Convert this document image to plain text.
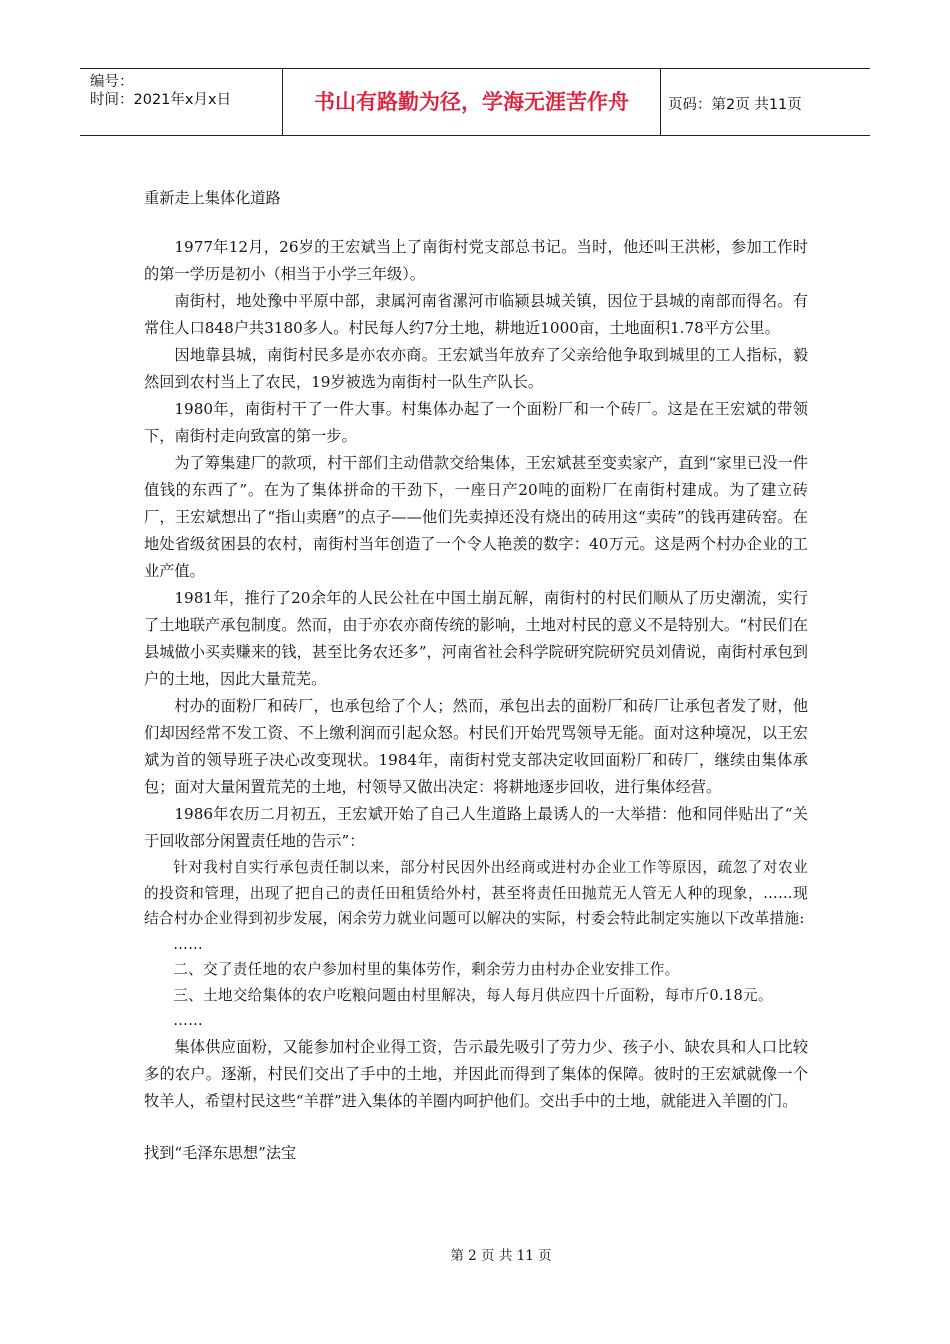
编号：
时间：2021年x月x日	书山有路勤为径，学海无涯苦作舟	页码：第2页 共11页

重新走上集体化道路

1977年12月，26岁的王宏斌当上了南街村党支部总书记。当时，他还叫王洪彬，参加工作时的第一学历是初小（相当于小学三年级）。

南街村，地处豫中平原中部，隶属河南省漯河市临颍县城关镇，因位于县城的南部而得名。有常住人口848户共3180多人。村民每人约7分土地，耕地近1000亩，土地面积1.78平方公里。

因地靠县城，南街村民多是亦农亦商。王宏斌当年放弃了父亲给他争取到城里的工人指标，毅然回到农村当上了农民，19岁被选为南街村一队生产队长。

1980年，南街村干了一件大事。村集体办起了一个面粉厂和一个砖厂。这是在王宏斌的带领下，南街村走向致富的第一步。

为了筹集建厂的款项，村干部们主动借款交给集体，王宏斌甚至变卖家产，直到“家里已没一件值钱的东西了”。在为了集体拼命的干劲下，一座日产20吨的面粉厂在南街村建成。为了建立砖厂，王宏斌想出了“指山卖磨”的点子——他们先卖掉还没有烧出的砖用这“卖砖”的钱再建砖窑。在地处省级贫困县的农村，南街村当年创造了一个令人艳羡的数字：40万元。这是两个村办企业的工业产值。

1981年，推行了20余年的人民公社在中国土崩瓦解，南街村的村民们顺从了历史潮流，实行了土地联产承包制度。然而，由于亦农亦商传统的影响，土地对村民的意义不是特别大。“村民们在县城做小买卖赚来的钱，甚至比务农还多”，河南省社会科学院研究院研究员刘倩说，南街村承包到户的土地，因此大量荒芜。

村办的面粉厂和砖厂，也承包给了个人；然而，承包出去的面粉厂和砖厂让承包者发了财，他们却因经常不发工资、不上缴利润而引起众怒。村民们开始咒骂领导无能。面对这种境况，以王宏斌为首的领导班子决心改变现状。1984年，南街村党支部决定收回面粉厂和砖厂，继续由集体承包；面对大量闲置荒芜的土地，村领导又做出决定：将耕地逐步回收，进行集体经营。

1986年农历二月初五，王宏斌开始了自己人生道路上最诱人的一大举措：他和同伴贴出了“关于回收部分闲置责任地的告示”：

针对我村自实行承包责任制以来，部分村民因外出经商或进村办企业工作等原因，疏忽了对农业的投资和管理，出现了把自己的责任田租赁给外村，甚至将责任田抛荒无人管无人种的现象，……现结合村办企业得到初步发展，闲余劳力就业问题可以解决的实际，村委会特此制定实施以下改革措施:

……

二、交了责任地的农户参加村里的集体劳作，剩余劳力由村办企业安排工作。

三、土地交给集体的农户吃粮问题由村里解决，每人每月供应四十斤面粉，每市斤0.18元。

……

集体供应面粉，又能参加村企业得工资，告示最先吸引了劳力少、孩子小、缺农具和人口比较多的农户。逐渐，村民们交出了手中的土地，并因此而得到了集体的保障。彼时的王宏斌就像一个牧羊人，希望村民这些“羊群”进入集体的羊圈内呵护他们。交出手中的土地，就能进入羊圈的门。

找到“毛泽东思想”法宝

第 2 页 共 11 页
